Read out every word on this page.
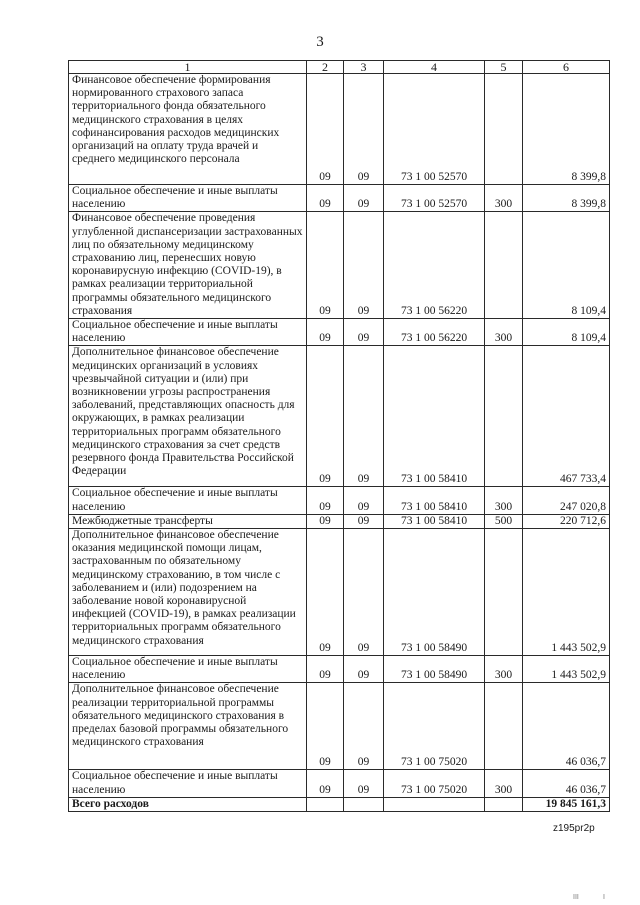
3
1	2	3	4	5	6
Финансовое обеспечение формирования нормированного страхового запаса территориального фонда обязательного медицинского страхования в целях софинансирования расходов медицинских организаций на оплату труда врачей и среднего медицинского персонала	09	09	73 1 00 52570		8 399,8
Социальное обеспечение и иные выплаты населению	09	09	73 1 00 52570	300	8 399,8
Финансовое обеспечение проведения углубленной диспансеризации застрахованных лиц по обязательному медицинскому страхованию лиц, перенесших новую коронавирусную инфекцию (COVID-19), в рамках реализации территориальной программы обязательного медицинского страхования	09	09	73 1 00 56220		8 109,4
Социальное обеспечение и иные выплаты населению	09	09	73 1 00 56220	300	8 109,4
Дополнительное финансовое обеспечение медицинских организаций в условиях чрезвычайной ситуации и (или) при возникновении угрозы распространения заболеваний, представляющих опасность для окружающих, в рамках реализации территориальных программ обязательного медицинского страхования за счет средств резервного фонда Правительства Российской Федерации	09	09	73 1 00 58410		467 733,4
Социальное обеспечение и иные выплаты населению	09	09	73 1 00 58410	300	247 020,8
Межбюджетные трансферты	09	09	73 1 00 58410	500	220 712,6
Дополнительное финансовое обеспечение оказания медицинской помощи лицам, застрахованным по обязательному медицинскому страхованию, в том числе с заболеванием и (или) подозрением на заболевание новой коронавирусной инфекцией (COVID-19), в рамках реализации территориальных программ обязательного медицинского страхования	09	09	73 1 00 58490		1 443 502,9
Социальное обеспечение и иные выплаты населению	09	09	73 1 00 58490	300	1 443 502,9
Дополнительное финансовое обеспечение реализации территориальной программы обязательного медицинского страхования в пределах базовой программы обязательного медицинского страхования	09	09	73 1 00 75020		46 036,7
Социальное обеспечение и иные выплаты населению	09	09	73 1 00 75020	300	46 036,7
Всего расходов					19 845 161,3
z195pr2p
III	I
